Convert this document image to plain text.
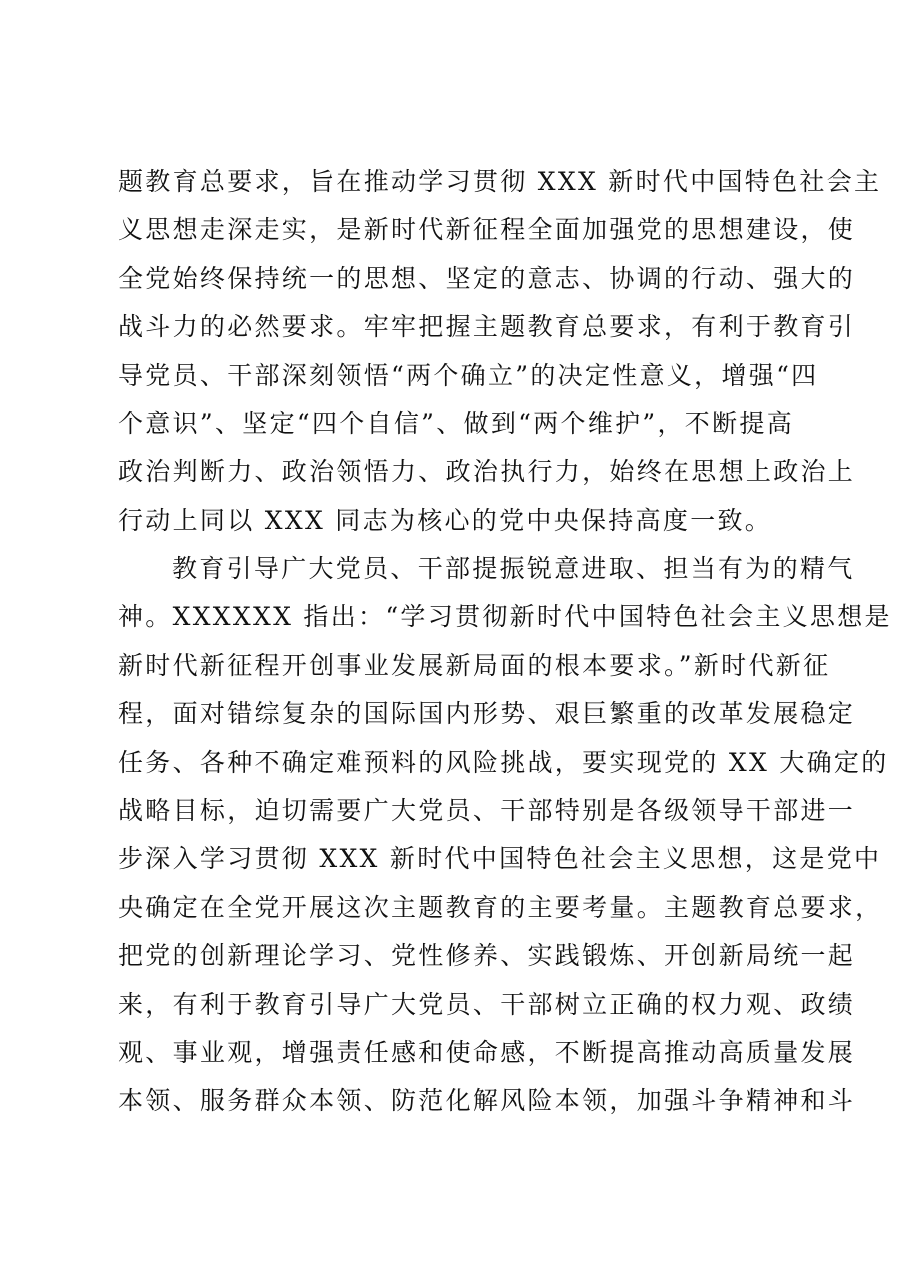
题教育总要求，旨在推动学习贯彻 XXX 新时代中国特色社会主
义思想走深走实，是新时代新征程全面加强党的思想建设，使
全党始终保持统一的思想、坚定的意志、协调的行动、强大的
战斗力的必然要求。牢牢把握主题教育总要求，有利于教育引
导党员、干部深刻领悟“两个确立”的决定性意义，增强“四
个意识”、坚定“四个自信”、做到“两个维护”，不断提高
政治判断力、政治领悟力、政治执行力，始终在思想上政治上
行动上同以 XXX 同志为核心的党中央保持高度一致。
教育引导广大党员、干部提振锐意进取、担当有为的精气
神。XXXXXX 指出：“学习贯彻新时代中国特色社会主义思想是
新时代新征程开创事业发展新局面的根本要求。”新时代新征
程，面对错综复杂的国际国内形势、艰巨繁重的改革发展稳定
任务、各种不确定难预料的风险挑战，要实现党的 XX 大确定的
战略目标，迫切需要广大党员、干部特别是各级领导干部进一
步深入学习贯彻 XXX 新时代中国特色社会主义思想，这是党中
央确定在全党开展这次主题教育的主要考量。主题教育总要求，
把党的创新理论学习、党性修养、实践锻炼、开创新局统一起
来，有利于教育引导广大党员、干部树立正确的权力观、政绩
观、事业观，增强责任感和使命感，不断提高推动高质量发展
本领、服务群众本领、防范化解风险本领，加强斗争精神和斗
